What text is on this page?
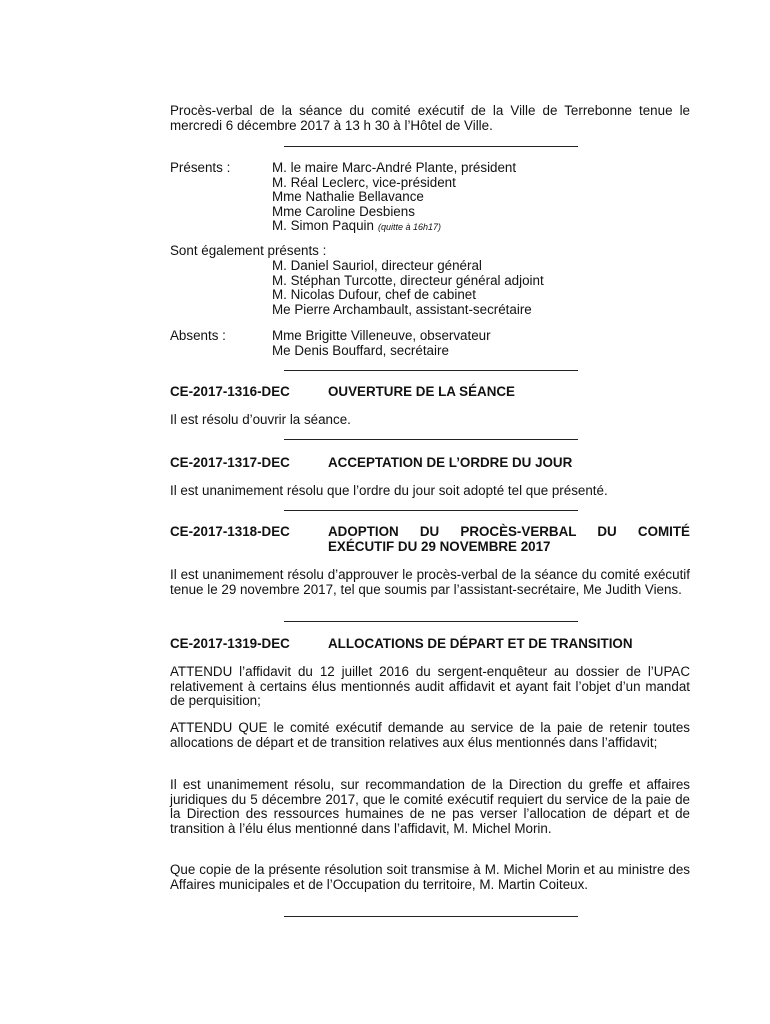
Procès-verbal de la séance du comité exécutif de la Ville de Terrebonne tenue le mercredi 6 décembre 2017 à 13 h 30 à l’Hôtel de Ville.

Présents :	M. le maire Marc-André Plante, président
M. Réal Leclerc, vice-président
Mme Nathalie Bellavance
Mme Caroline Desbiens
M. Simon Paquin (quitte à 16h17)
Sont également présents :
M. Daniel Sauriol, directeur général
M. Stéphan Turcotte, directeur général adjoint
M. Nicolas Dufour, chef de cabinet
Me Pierre Archambault, assistant-secrétaire
Absents :	Mme Brigitte Villeneuve, observateur
Me Denis Bouffard, secrétaire
CE-2017-1316-DEC	OUVERTURE DE LA SÉANCE

Il est résolu d’ouvrir la séance.

CE-2017-1317-DEC	ACCEPTATION DE L’ORDRE DU JOUR

Il est unanimement résolu que l’ordre du jour soit adopté tel que présenté.

CE-2017-1318-DEC	ADOPTION DU PROCÈS-VERBAL DU COMITÉ EXÉCUTIF DU 29 NOVEMBRE 2017

Il est unanimement résolu d’approuver le procès-verbal de la séance du comité exécutif tenue le 29 novembre 2017, tel que soumis par l’assistant-secrétaire, Me Judith Viens.

CE-2017-1319-DEC	ALLOCATIONS DE DÉPART ET DE TRANSITION

ATTENDU l’affidavit du 12 juillet 2016 du sergent-enquêteur au dossier de l’UPAC relativement à certains élus mentionnés audit affidavit et ayant fait l’objet d’un mandat de perquisition;

ATTENDU QUE le comité exécutif demande au service de la paie de retenir toutes allocations de départ et de transition relatives aux élus mentionnés dans l’affidavit;

Il est unanimement résolu, sur recommandation de la Direction du greffe et affaires juridiques du 5 décembre 2017, que le comité exécutif requiert du service de la paie de la Direction des ressources humaines de ne pas verser l’allocation de départ et de transition à l’élu élus mentionné dans l’affidavit, M. Michel Morin.

Que copie de la présente résolution soit transmise à M. Michel Morin et au ministre des Affaires municipales et de l’Occupation du territoire, M. Martin Coiteux.
